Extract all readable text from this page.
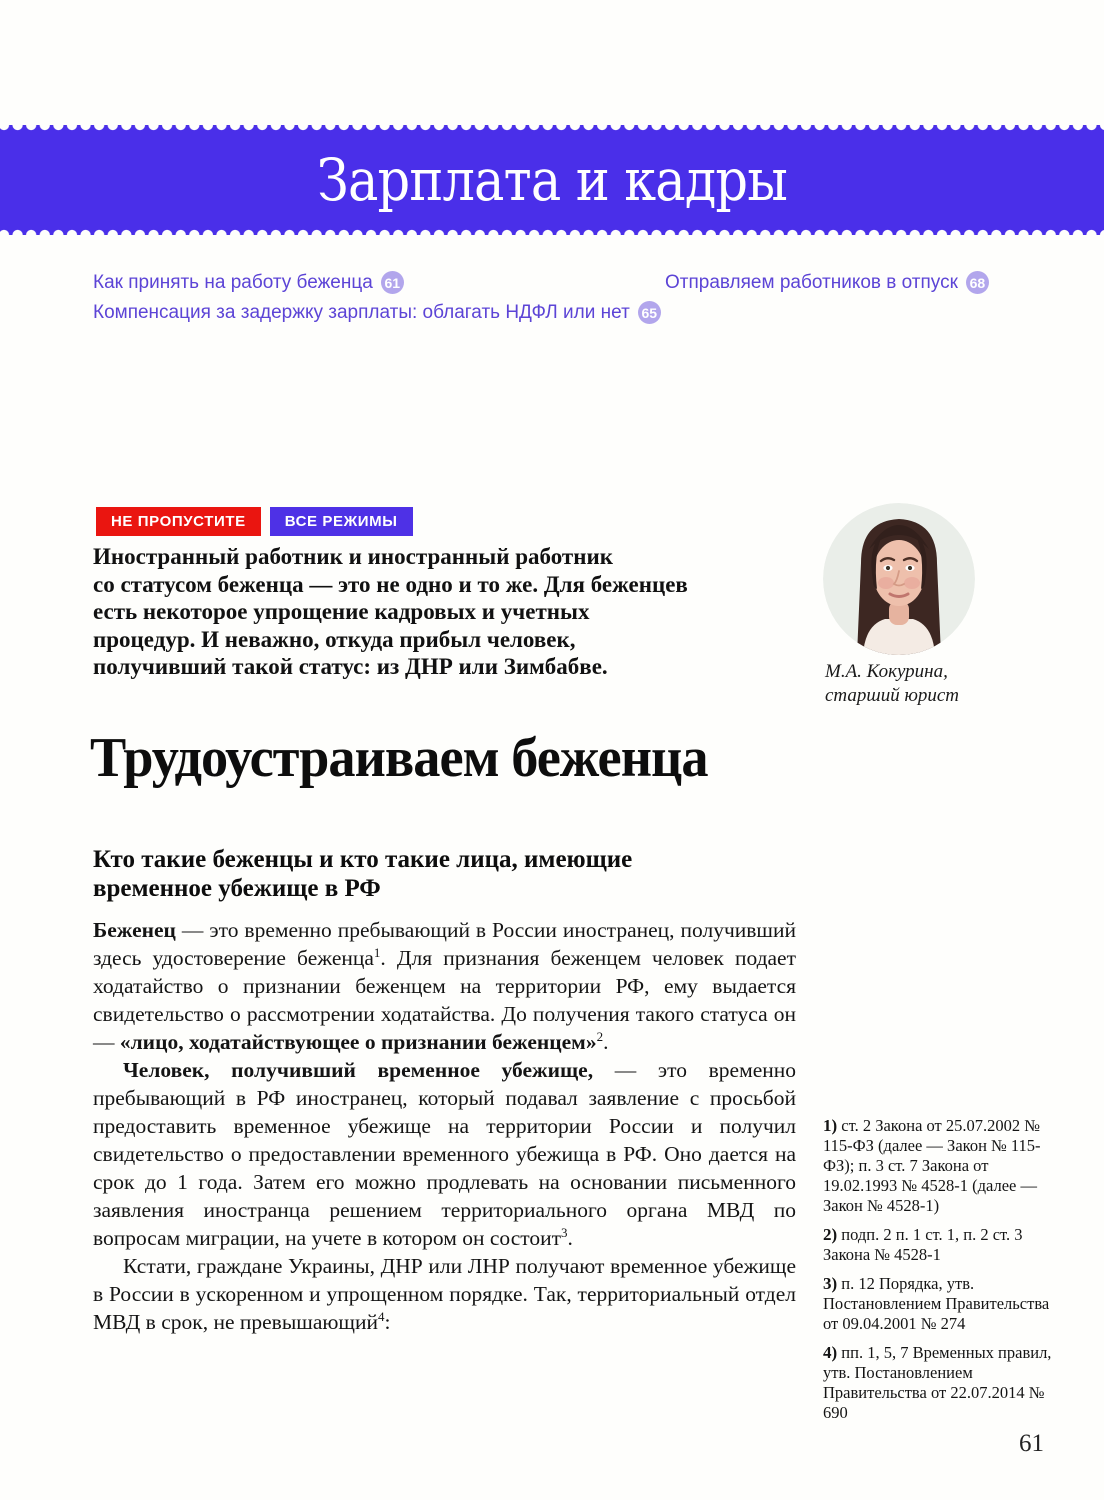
Зарплата и кадры
Как принять на работу беженца 61
Компенсация за задержку зарплаты: облагать НДФЛ или нет 65
Отправляем работников в отпуск 68
НЕ ПРОПУСТИТЕ	ВСЕ РЕЖИМЫ
Иностранный работник и иностранный работник
со статусом беженца — это не одно и то же. Для беженцев
есть некоторое упрощение кадровых и учетных
процедур. И неважно, откуда прибыл человек,
получивший такой статус: из ДНР или Зимбабве.	М.А. Кокурина,
старший юрист
Трудоустраиваем беженца
Кто такие беженцы и кто такие лица, имеющие
временное убежище в РФ

Беженец — это временно пребывающий в России иностранец, получивший здесь удостоверение беженца$^1$. Для признания беженцем человек подает ходатайство о признании беженцем на территории РФ, ему выдается свидетельство о рассмотрении ходатайства. До получения такого статуса он — «лицо, ходатайствующее о признании беженцем»$^2$.

Человек, получивший временное убежище, — это временно пребывающий в РФ иностранец, который подавал заявление с просьбой предоставить временное убежище на территории России и получил свидетельство о предоставлении временного убежища в РФ. Оно дается на срок до 1 года. Затем его можно продлевать на основании письменного заявления иностранца решением территориального органа МВД по вопросам миграции, на учете в котором он состоит$^3$.

Кстати, граждане Украины, ДНР или ЛНР получают временное убежище в России в ускоренном и упрощенном порядке. Так, территориальный отдел МВД в срок, не превышающий$^4$:

1) ст. 2 Закона от 25.07.2002 № 115-ФЗ (далее — Закон № 115-ФЗ); п. 3 ст. 7 Закона от 19.02.1993 № 4528-1 (далее — Закон № 4528-1)
2) подп. 2 п. 1 ст. 1, п. 2 ст. 3 Закона № 4528-1
3) п. 12 Порядка, утв. Постановлением Правительства от 09.04.2001 № 274
4) пп. 1, 5, 7 Временных правил, утв. Постановлением Правительства от 22.07.2014 № 690
61
